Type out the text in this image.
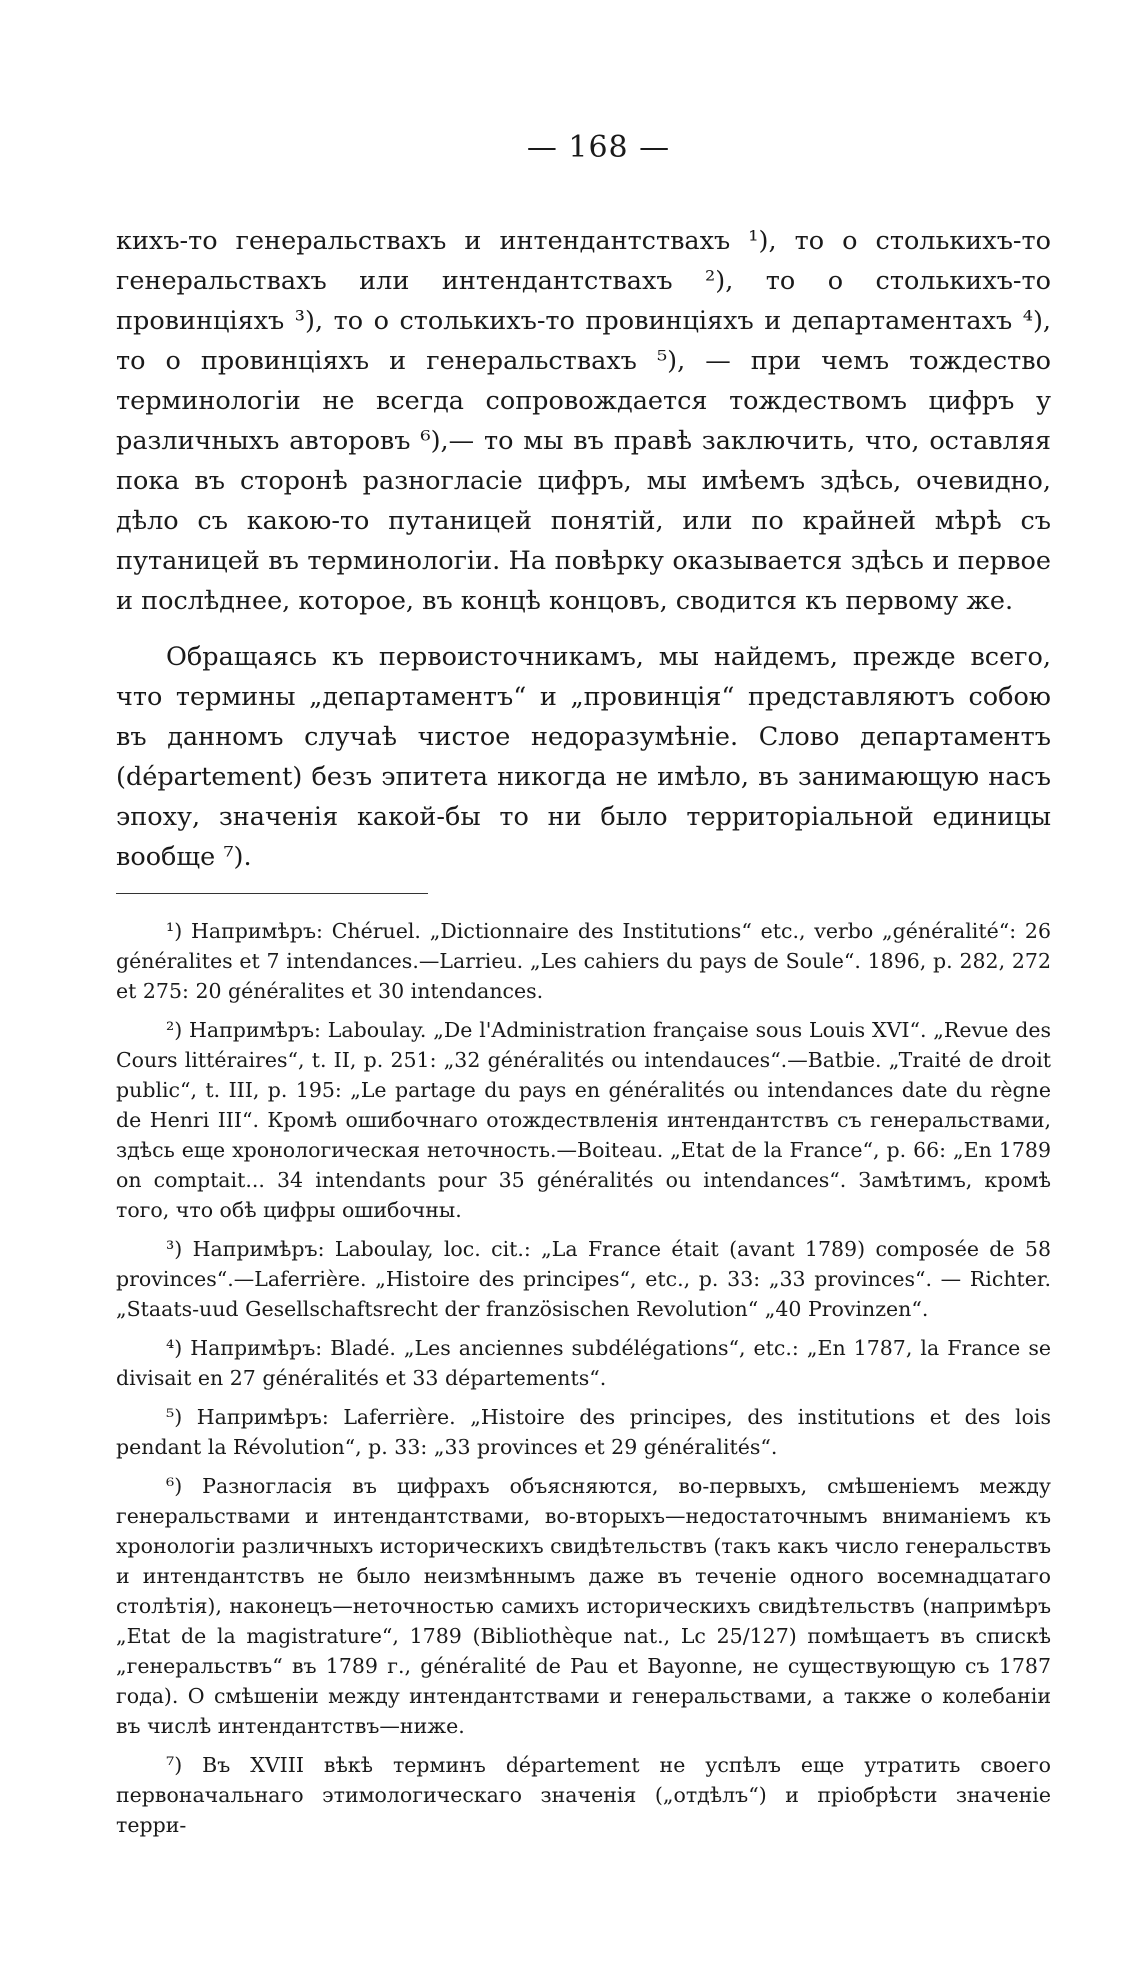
— 168 —

кихъ-то генеральствахъ и интендантствахъ ¹), то о столькихъ-то генеральствахъ или интендантствахъ ²), то о столькихъ-то провинціяхъ ³), то о столькихъ-то провинціяхъ и департаментахъ ⁴), то о провинціяхъ и генеральствахъ ⁵), — при чемъ тождество терминологіи не всегда сопровождается тождествомъ цифръ у различныхъ авторовъ ⁶),— то мы въ правѣ заключить, что, оставляя пока въ сторонѣ разногласіе цифръ, мы имѣемъ здѣсь, очевидно, дѣло съ какою-то путаницей понятій, или по крайней мѣрѣ съ путаницей въ терминологіи. На повѣрку оказывается здѣсь и первое и послѣднее, которое, въ концѣ концовъ, сводится къ первому же.

Обращаясь къ первоисточникамъ, мы найдемъ, прежде всего, что термины „департаментъ“ и „провинція“ представляютъ собою въ данномъ случаѣ чистое недоразумѣніе. Слово департаментъ (département) безъ эпитета никогда не имѣло, въ занимающую насъ эпоху, значенія какой-бы то ни было территоріальной единицы вообще ⁷).

¹) Напримѣръ: Chéruel. „Dictionnaire des Institutions“ etc., verbo „généralité“: 26 généralites et 7 intendances.—Larrieu. „Les cahiers du pays de Soule“. 1896, p. 282, 272 et 275: 20 généralites et 30 intendances.
²) Напримѣръ: Laboulay. „De l'Administration française sous Louis XVI“. „Revue des Cours littéraires“, t. II, p. 251: „32 généralités ou intendauces“.—Batbie. „Traité de droit public“, t. III, p. 195: „Le partage du pays en généralités ou intendances date du règne de Henri III“. Кромѣ ошибочнаго отождествленія интендантствъ съ генеральствами, здѣсь еще хронологическая неточность.—Boiteau. „Etat de la France“, p. 66: „En 1789 on comptait... 34 intendants pour 35 généralités ou intendances“. Замѣтимъ, кромѣ того, что обѣ цифры ошибочны.
³) Напримѣръ: Laboulay, loc. cit.: „La France était (avant 1789) composée de 58 provinces“.—Laferrière. „Histoire des principes“, etc., p. 33: „33 provinces“. — Richter. „Staats-uud Gesellschaftsrecht der französischen Revolution“ „40 Provinzen“.
⁴) Напримѣръ: Bladé. „Les anciennes subdélégations“, etc.: „En 1787, la France se divisait en 27 généralités et 33 départements“.
⁵) Напримѣръ: Laferrière. „Histoire des principes, des institutions et des lois pendant la Révolution“, p. 33: „33 provinces et 29 généralités“.
⁶) Разногласія въ цифрахъ объясняются, во-первыхъ, смѣшеніемъ между генеральствами и интендантствами, во-вторыхъ—недостаточнымъ вниманіемъ къ хронологіи различныхъ историческихъ свидѣтельствъ (такъ какъ число генеральствъ и интендантствъ не было неизмѣннымъ даже въ теченіе одного восемнадцатаго столѣтія), наконецъ—неточностью самихъ историческихъ свидѣтельствъ (напримѣръ „Etat de la magistrature“, 1789 (Bibliothèque nat., Lc 25/127) помѣщаетъ въ спискѣ „генеральствъ“ въ 1789 г., généralité de Pau et Bayonne, не существующую съ 1787 года). О смѣшеніи между интендантствами и генеральствами, а также о колебаніи въ числѣ интендантствъ—ниже.
⁷) Въ XVIII вѣкѣ терминъ département не успѣлъ еще утратить своего первоначальнаго этимологическаго значенія („отдѣлъ“) и пріобрѣсти значеніе терри-
